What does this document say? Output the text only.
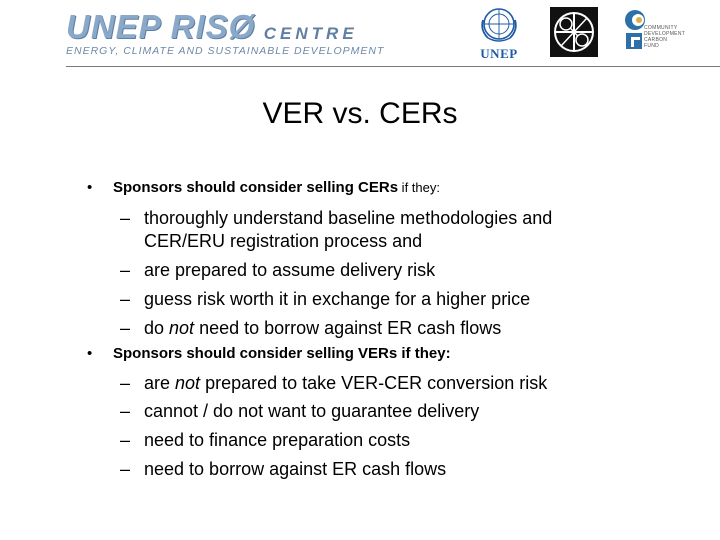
UNEP RISØ CENTRE
ENERGY, CLIMATE AND SUSTAINABLE DEVELOPMENT	UNEP
COMMUNITY
DEVELOPMENT
CARBON
FUND
VER vs. CERs
• Sponsors should consider selling CERs if they:
– thoroughly understand baseline methodologies and
CER/ERU registration process and
– are prepared to assume delivery risk
– guess risk worth it in exchange for a higher price
– do not need to borrow against ER cash flows
• Sponsors should consider selling VERs if they:
– are not prepared to take VER-CER conversion risk
– cannot / do not want to guarantee delivery
– need to finance preparation costs
– need to borrow against ER cash flows
